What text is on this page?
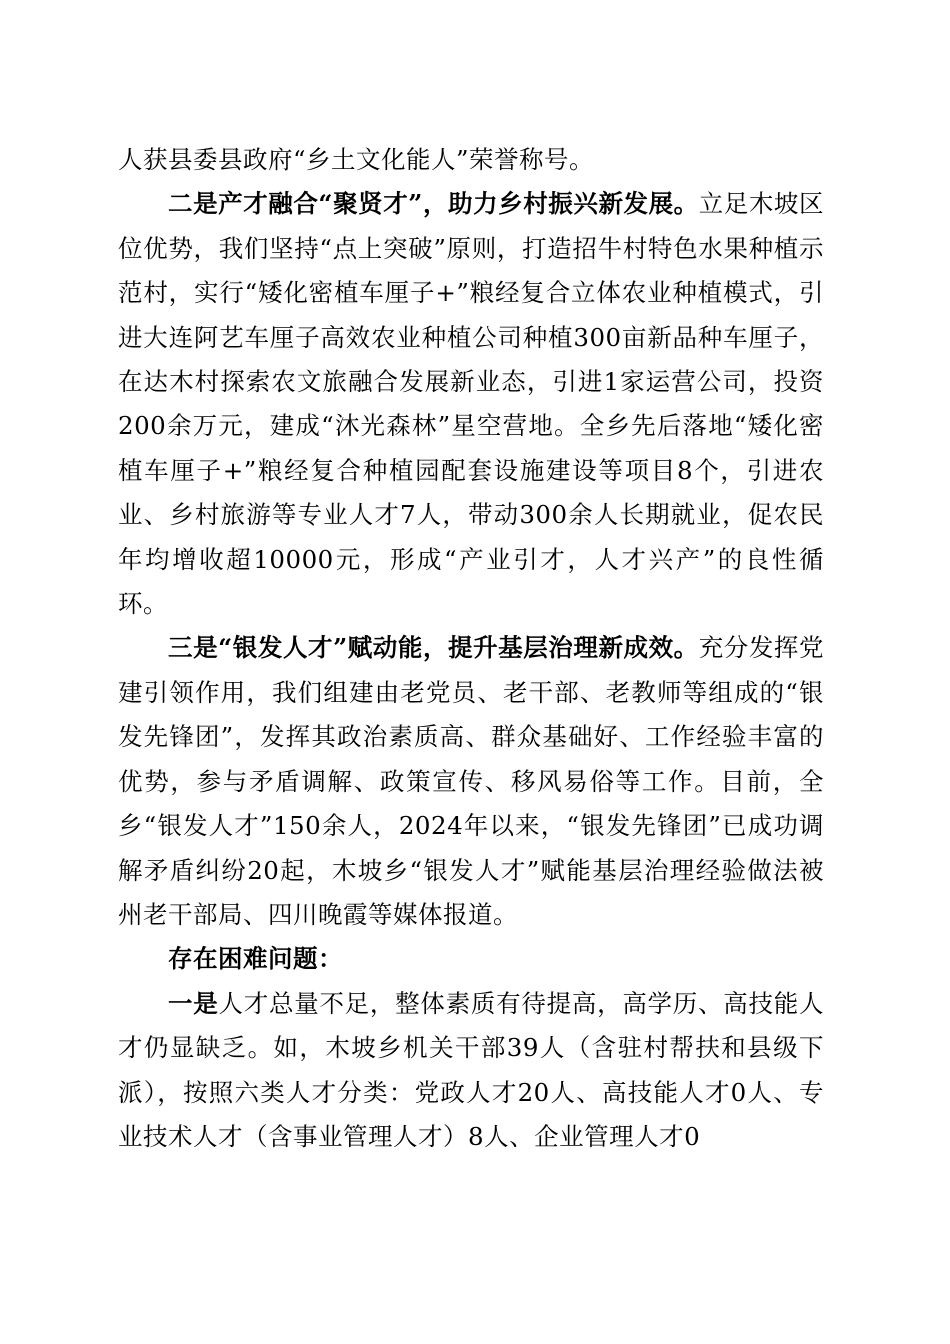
人获县委县政府“乡土文化能人”荣誉称号。

二是产才融合“聚贤才”，助力乡村振兴新发展。立足木坡区位优势，我们坚持“点上突破”原则，打造招牛村特色水果种植示范村，实行“矮化密植车厘子+”粮经复合立体农业种植模式，引进大连阿艺车厘子高效农业种植公司种植300亩新品种车厘子，在达木村探索农文旅融合发展新业态，引进1家运营公司，投资200余万元，建成“沐光森林”星空营地。全乡先后落地“矮化密植车厘子+”粮经复合种植园配套设施建设等项目8个，引进农业、乡村旅游等专业人才7人，带动300余人长期就业，促农民年均增收超10000元，形成“产业引才，人才兴产”的良性循环。

三是“银发人才”赋动能，提升基层治理新成效。充分发挥党建引领作用，我们组建由老党员、老干部、老教师等组成的“银发先锋团”，发挥其政治素质高、群众基础好、工作经验丰富的优势，参与矛盾调解、政策宣传、移风易俗等工作。目前，全乡“银发人才”150余人，2024年以来，“银发先锋团”已成功调解矛盾纠纷20起，木坡乡“银发人才”赋能基层治理经验做法被州老干部局、四川晚霞等媒体报道。

存在困难问题：

一是人才总量不足，整体素质有待提高，高学历、高技能人才仍显缺乏。如，木坡乡机关干部39人（含驻村帮扶和县级下派），按照六类人才分类：党政人才20人、高技能人才0人、专业技术人才（含事业管理人才）8人、企业管理人才0
